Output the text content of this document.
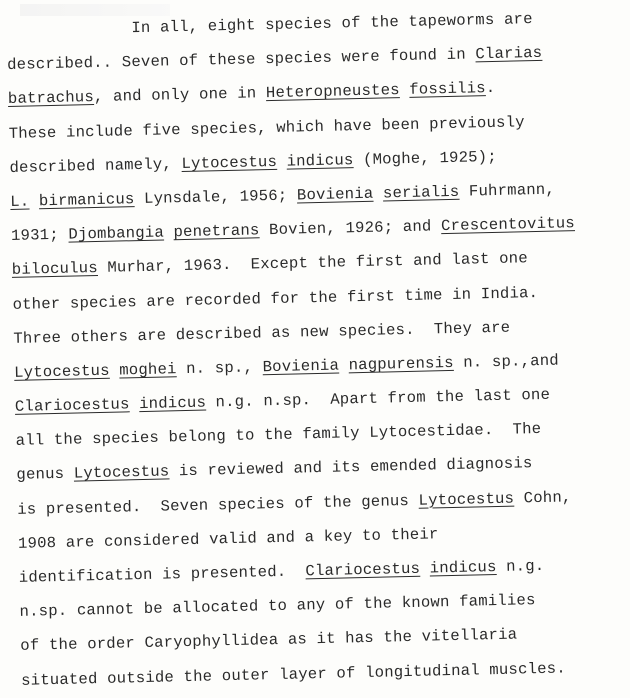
In all, eight species of the tapeworms are
described.. Seven of these species were found in Clarias
batrachus, and only one in Heteropneustes fossilis.
These include five species, which have been previously
described namely, Lytocestus indicus (Moghe, 1925);
L. birmanicus Lynsdale, 1956; Bovienia serialis Fuhrmann,
1931; Djombangia penetrans Bovien, 1926; and Crescentovitus
biloculus Murhar, 1963.  Except the first and last one
other species are recorded for the first time in India.
Three others are described as new species.  They are
Lytocestus moghei n. sp., Bovienia nagpurensis n. sp.,and
Clariocestus indicus n.g. n.sp.  Apart from the last one
all the species belong to the family Lytocestidae.  The
genus Lytocestus is reviewed and its emended diagnosis
is presented.  Seven species of the genus Lytocestus Cohn,
1908 are considered valid and a key to their
identification is presented.  Clariocestus indicus n.g.
n.sp. cannot be allocated to any of the known families
of the order Caryophyllidea as it has the vitellaria
situated outside the outer layer of longitudinal muscles.
